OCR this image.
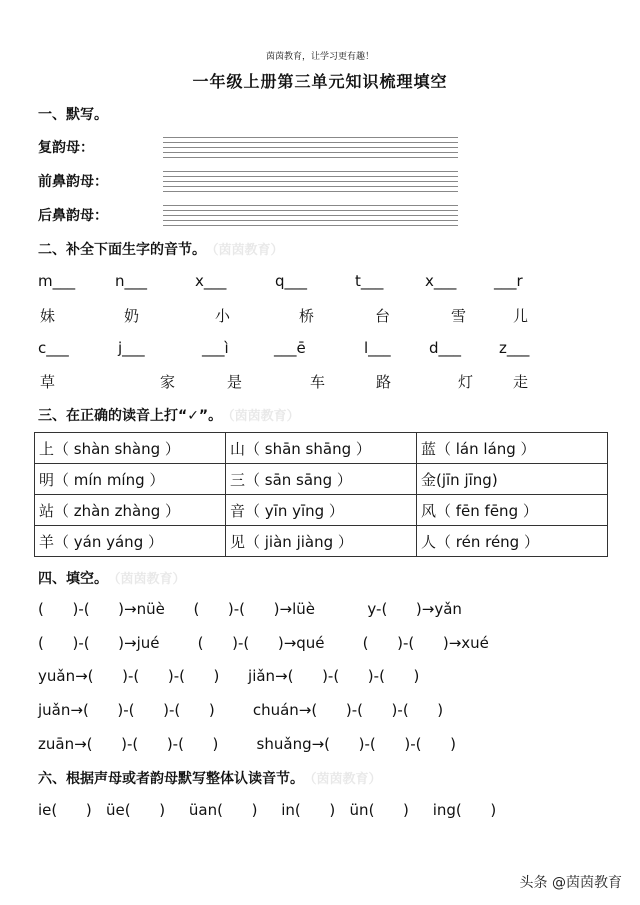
茵茵教育，让学习更有趣！
一年级上册第三单元知识梳理填空
一、默写。
复韵母：
前鼻韵母：
后鼻韵母：
二、补全下面生字的音节。 （茵茵教育）
m___	n___	x___	q___	t___	x___	___r
妹	奶	小	桥	台	雪	儿
c___	j___	___ì	___ē	l___	d___	z___
草	家	是	车	路	灯	走
三、在正确的读音上打“✓”。 （茵茵教育）
上（ shàn shàng ）	山（ shān shāng ）	蓝（ lán láng ）
明（ mín míng ）	三（ sān sāng ）	金(jīn jīng)
站（ zhàn zhàng ）	音（ yīn yīng ）	风（ fēn fēng ）
羊（ yán yáng ）	见（ jiàn jiàng ）	人（ rén réng ）
四、填空。 （茵茵教育）
(      )-(      )→nüè      (      )-(      )→lüè           y-(      )→yǎn
(      )-(      )→jué        (      )-(      )→qué        (      )-(      )→xué
yuǎn→(      )-(      )-(      )      jiǎn→(      )-(      )-(      )
juǎn→(      )-(      )-(      )        chuán→(      )-(      )-(      )
zuān→(      )-(      )-(      )        shuǎng→(      )-(      )-(      )
六、根据声母或者韵母默写整体认读音节。 （茵茵教育）
ie(      )   üe(      )     üan(      )     in(      )   ün(      )     ing(      )
头条 @茵茵教育
